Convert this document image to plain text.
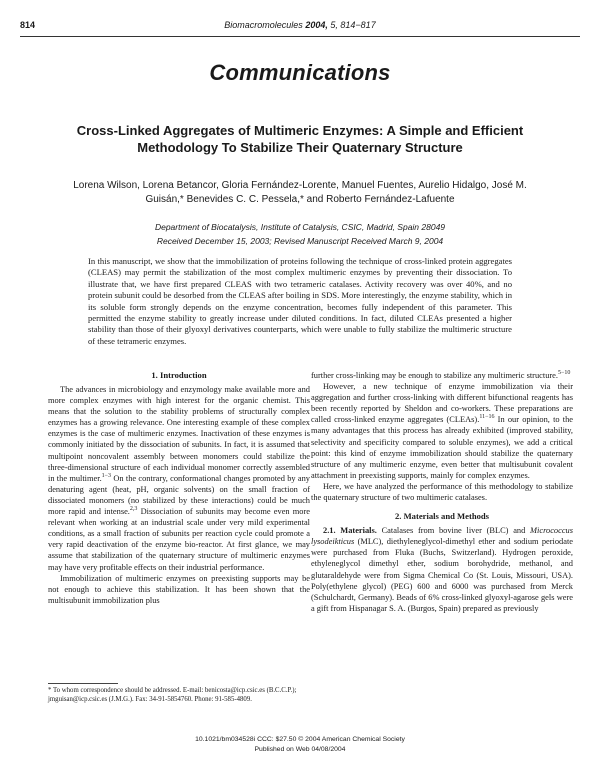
814	Biomacromolecules 2004, 5, 814−817
Communications
Cross-Linked Aggregates of Multimeric Enzymes: A Simple and Efficient Methodology To Stabilize Their Quaternary Structure
Lorena Wilson, Lorena Betancor, Gloria Fernández-Lorente, Manuel Fuentes, Aurelio Hidalgo, José M. Guisán,* Benevides C. C. Pessela,* and Roberto Fernández-Lafuente
Department of Biocatalysis, Institute of Catalysis, CSIC, Madrid, Spain 28049
Received December 15, 2003; Revised Manuscript Received March 9, 2004
In this manuscript, we show that the immobilization of proteins following the technique of cross-linked protein aggregates (CLEAS) may permit the stabilization of the most complex multimeric enzymes by preventing their dissociation. To illustrate that, we have first prepared CLEAS with two tetrameric catalases. Activity recovery was over 40%, and no protein subunit could be desorbed from the CLEAS after boiling in SDS. More interestingly, the enzyme stability, which in its soluble form strongly depends on the enzyme concentration, becomes fully independent of this parameter. This permitted the enzyme stability to greatly increase under diluted conditions. In fact, diluted CLEAs presented a higher stability than those of their glyoxyl derivatives counterparts, which were unable to fully stabilize the multimeric structure of these tetrameric enzymes.
1. Introduction

The advances in microbiology and enzymology make available more and more complex enzymes with high interest for the organic chemist. This means that the solution to the stability problems of structurally complex enzymes has a growing relevance. One interesting example of these complex enzymes is the case of multimeric enzymes. Inactivation of these enzymes is commonly initiated by the dissociation of subunits. In fact, it is assumed that multipoint noncovalent assembly between monomers could stabilize the three-dimensional structure of each individual monomer correctly assembled in the multimer.$^{1-3}$ On the contrary, conformational changes promoted by any denaturing agent (heat, pH, organic solvents) on the small fraction of dissociated monomers (no stabilized by these interactions) could be much more rapid and intense.$^{2,3}$ Dissociation of subunits may become even more relevant when working at an industrial scale under very mild experimental conditions, as a small fraction of subunits per reaction cycle could promote a very rapid deactivation of the enzyme bio-reactor. At first glance, we may assume that stabilization of the quaternary structure of multimeric enzymes may have very profitable effects on their industrial performance.

Immobilization of multimeric enzymes on preexisting supports may be not enough to achieve this stabilization. It has been shown that the multisubunit immobilization plus

further cross-linking may be enough to stabilize any multimeric structure.$^{5-10}$

However, a new technique of enzyme immobilization via their aggregation and further cross-linking with different bifunctional reagents has been recently reported by Sheldon and co-workers. These preparations are called cross-linked enzyme aggregates (CLEAs).$^{11-16}$ In our opinion, to the many advantages that this process has already exhibited (improved stability, selectivity and specificity compared to soluble enzymes), we add a critical point: this kind of enzyme immobilization should stabilize the quaternary structure of any multimeric enzyme, even better that multisubunit covalent attachment in preexisting supports, mainly for complex enzymes.

Here, we have analyzed the performance of this methodology to stabilize the quaternary structure of two multimeric catalases.

2. Materials and Methods

2.1. Materials. Catalases from bovine liver (BLC) and Micrococcus lysodeikticus (MLC), diethyleneglycol-dimethyl ether and sodium periodate were purchased from Fluka (Buchs, Switzerland). Hydrogen peroxide, ethyleneglycol dimethyl ether, sodium borohydride, methanol, and glutaraldehyde were from Sigma Chemical Co (St. Louis, Missouri, USA). Poly(ethylene glycol) (PEG) 600 and 6000 was purchased from Merck (Schulchardt, Germany). Beads of 6% cross-linked glyoxyl-agarose gels were a gift from Hispanagar S. A. (Burgos, Spain) prepared as previously

* To whom correspondence should be addressed. E-mail: benicosta@icp.csic.es (B.C.C.P.); jmguisan@icp.csic.es (J.M.G.). Fax: 34-91-5854760. Phone: 91-585-4809.
10.1021/bm034528i CCC: $27.50 © 2004 American Chemical Society
Published on Web 04/08/2004
